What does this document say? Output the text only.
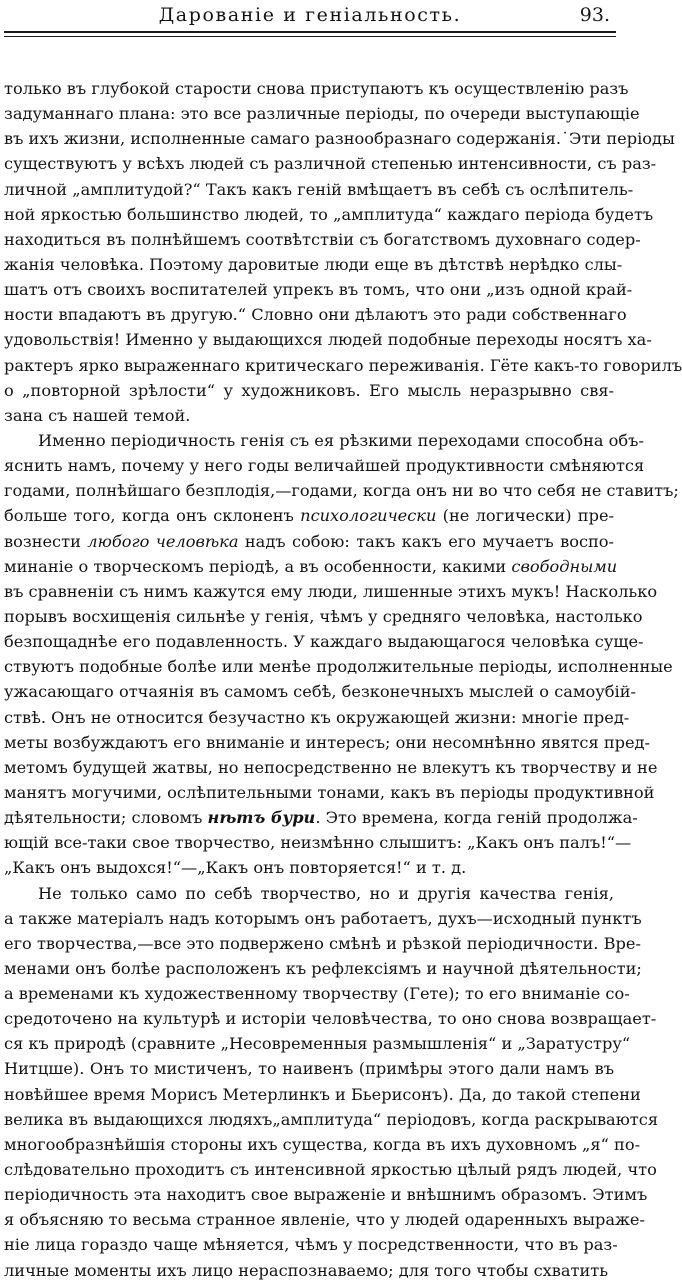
Дарованіе и геніальность.	93.
только въ глубокой старости снова приступаютъ къ осуществленію разъ
задуманнаго плана: это все различные періоды, по очереди выступающіе
въ ихъ жизни, исполненные самаго разнообразнаго содержанія.˙Эти періоды
существуютъ у всѣхъ людей съ различной степенью интенсивности, съ раз-
личной „амплитудой?“ Такъ какъ геній вмѣщаетъ въ себѣ съ ослѣпитель-
ной яркостью большинство людей, то „амплитуда“ каждаго періода будетъ
находиться въ полнѣйшемъ соотвѣтствіи съ богатствомъ духовнаго содер-
жанія человѣка. Поэтому даровитые люди еще въ дѣтствѣ нерѣдко слы-
шатъ отъ своихъ воспитателей упрекъ въ томъ, что они „изъ одной край-
ности впадаютъ въ другую.“ Словно они дѣлаютъ это ради собственнаго
удовольствія! Именно у выдающихся людей подобные переходы носятъ ха-
рактеръ ярко выраженнаго критическаго переживанія. Гёте какъ-то говорилъ
о „повторной зрѣлости“ у художниковъ. Его мысль неразрывно свя-
зана съ нашей темой.
Именно періодичность генія съ ея рѣзкими переходами способна объ-
яснить намъ, почему у него годы величайшей продуктивности смѣняются
годами, полнѣйшаго безплодія,—годами, когда онъ ни во что себя не ставитъ;
больше того, когда онъ склоненъ психологически (не логически) пре-
вознести любого человѣка надъ собою: такъ какъ его мучаетъ воспо-
минаніе о творческомъ періодѣ, а въ особенности, какими свободными
въ сравненіи съ нимъ кажутся ему люди, лишенные этихъ мукъ! Насколько
порывъ восхищенія сильнѣе у генія, чѣмъ у средняго человѣка, настолько
безпощаднѣе его подавленность. У каждаго выдающагося человѣка суще-
ствуютъ подобные болѣе или менѣе продолжительные періоды, исполненные
ужасающаго отчаянія въ самомъ себѣ, безконечныхъ мыслей о самоубій-
ствѣ. Онъ не относится безучастно къ окружающей жизни: многіе пред-
меты возбуждаютъ его вниманіе и интересъ; они несомнѣнно явятся пред-
метомъ будущей жатвы, но непосредственно не влекутъ къ творчеству и не
манятъ могучими, ослѣпительными тонами, какъ въ періоды продуктивной
дѣятельности; словомъ нѣтъ бури. Это времена, когда геній продолжа-
ющій все-таки свое творчество, неизмѣнно слышитъ: „Какъ онъ палъ!“—
„Какъ онъ выдохся!“—„Какъ онъ повторяется!“ и т. д.
Не только само по себѣ творчество, но и другія качества генія,
а также матеріалъ надъ которымъ онъ работаетъ, духъ—исходный пунктъ
его творчества,—все это подвержено смѣнѣ и рѣзкой періодичности. Вре-
менами онъ болѣе расположенъ къ рефлексіямъ и научной дѣятельности;
а временами къ художественному творчеству (Гете); то его вниманіе со-
средоточено на культурѣ и исторіи человѣчества, то оно снова возвращает-
ся къ природѣ (сравните „Несовременныя размышленія“ и „Заратустру“
Нитцше). Онъ то мистиченъ, то наивенъ (примѣры этого дали намъ въ
новѣйшее время Морисъ Метерлинкъ и Бьерисонъ). Да, до такой степени
велика въ выдающихся людяхъ„амплитуда“ періодовъ, когда раскрываются
многообразнѣйшія стороны ихъ существа, когда въ ихъ духовномъ „я“ по-
слѣдовательно проходитъ съ интенсивной яркостью цѣлый рядъ людей, что
періодичность эта находитъ свое выраженіе и внѣшнимъ образомъ. Этимъ
я объясняю то весьма странное явленіе, что у людей одаренныхъ выраже-
ніе лица гораздо чаще мѣняется, чѣмъ у посредственности, что въ раз-
личные моменты ихъ лицо нераспознаваемо; для того чтобы схватить
